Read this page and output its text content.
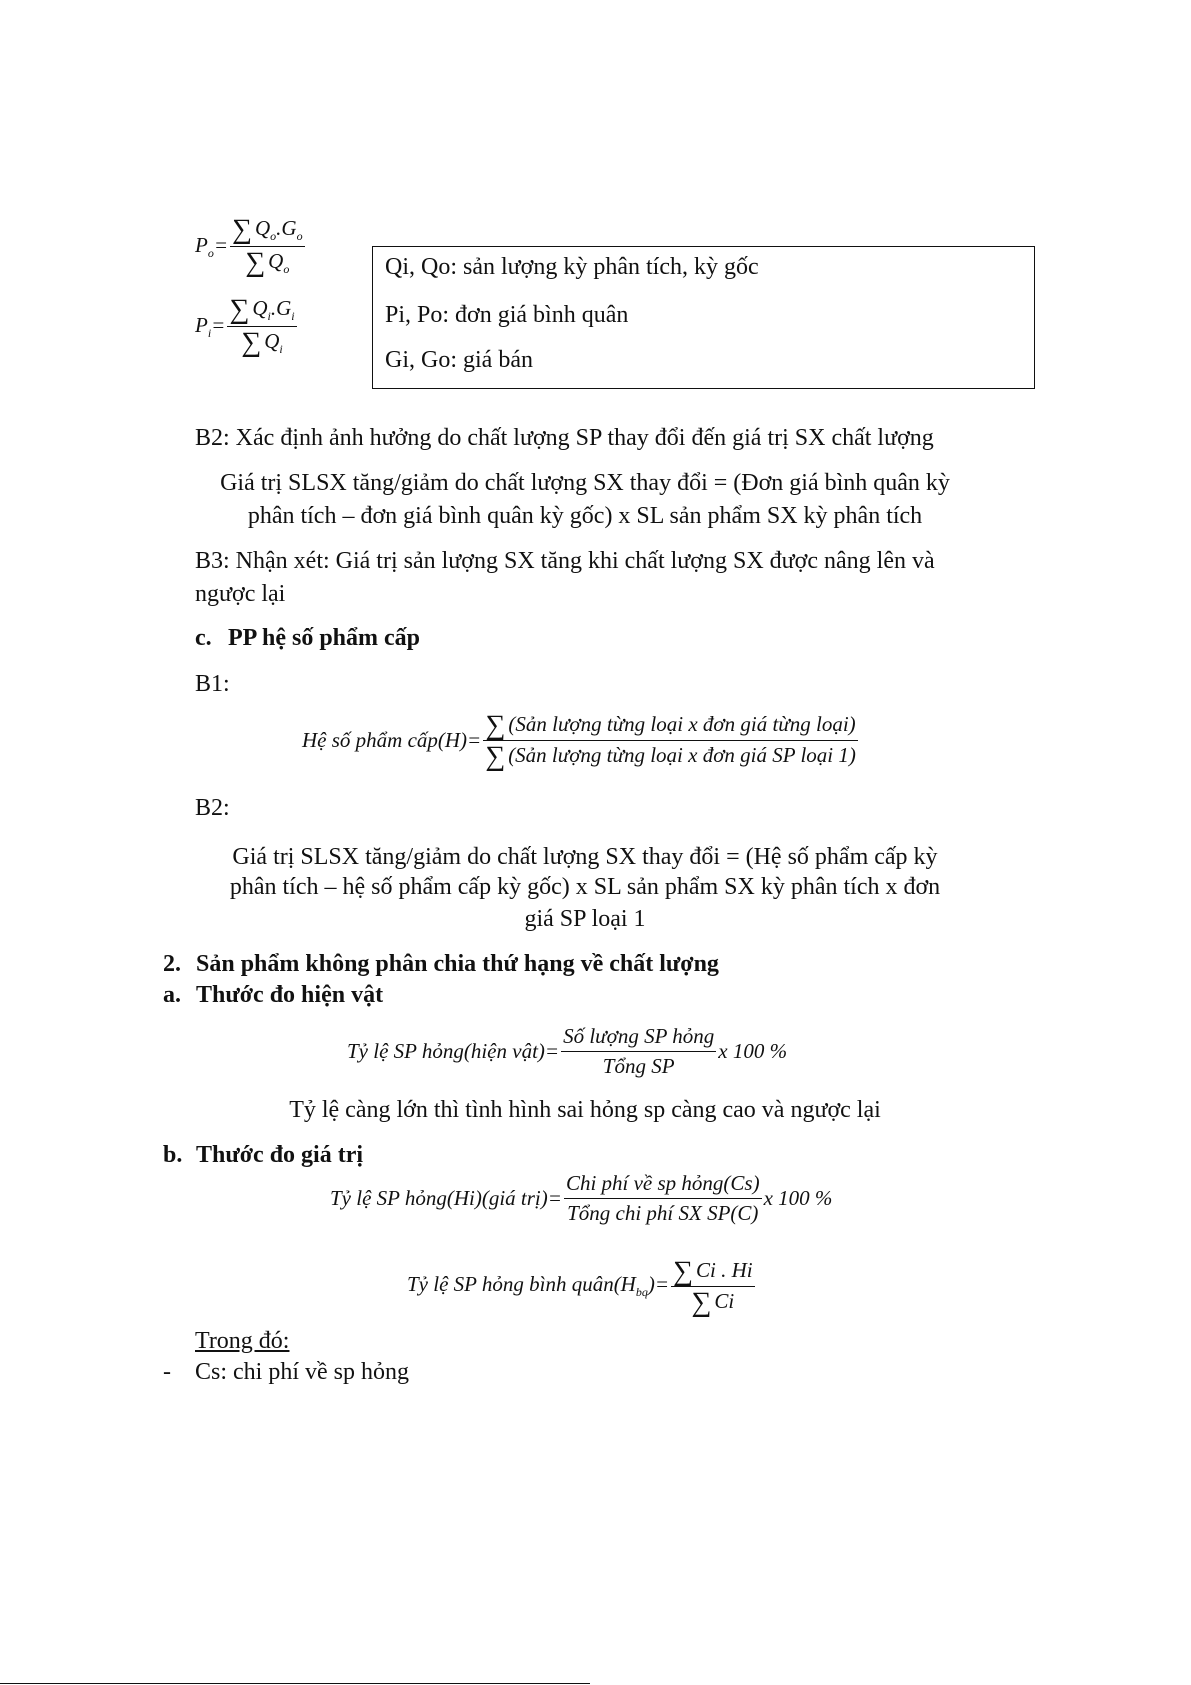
$P_o= \frac{\sum Q_o.G_o}{\sum Q_o}$
$P_i= \frac{\sum Q_i.G_i}{\sum Q_i}$
Qi, Qo: sản lượng kỳ phân tích, kỳ gốc
Pi, Po: đơn giá bình quân
Gi, Go: giá bán
B2: Xác định ảnh hưởng do chất lượng SP thay đổi đến giá trị SX chất lượng
Giá trị SLSX tăng/giảm do chất lượng SX thay đổi = (Đơn giá bình quân kỳ
phân tích – đơn giá bình quân kỳ gốc) x SL sản phẩm SX kỳ phân tích
B3: Nhận xét: Giá trị sản lượng SX tăng khi chất lượng SX được nâng lên và
ngược lại
c. PP hệ số phẩm cấp
B1:
Hệ số phẩm cấp(H)= $\frac{\text{∑ (Sản lượng từng loại x đơn giá từng loại)}}{\text{∑ (Sản lượng từng loại x đơn giá SP loại 1)}}$
B2:
Giá trị SLSX tăng/giảm do chất lượng SX thay đổi = (Hệ số phẩm cấp kỳ
phân tích – hệ số phẩm cấp kỳ gốc) x SL sản phẩm SX kỳ phân tích x đơn
giá SP loại 1
2. Sản phẩm không phân chia thứ hạng về chất lượng
a. Thước đo hiện vật
Tỷ lệ SP hỏng(hiện vật)= $\frac{\text{Số lượng SP hỏng}}{\text{Tổng SP}}$ x 100 %
Tỷ lệ càng lớn thì tình hình sai hỏng sp càng cao và ngược lại
b. Thước đo giá trị
Tỷ lệ SP hỏng(Hi)(giá trị)= $\frac{\text{Chi phí về sp hỏng(Cs)}}{\text{Tổng chi phí SX SP(C)}}$ x 100 %
Tỷ lệ SP hỏng bình $quân(H_{bq})= \frac{\sum Ci . Hi}{\sum Ci}$
Trong đó:
- Cs: chi phí về sp hỏng
